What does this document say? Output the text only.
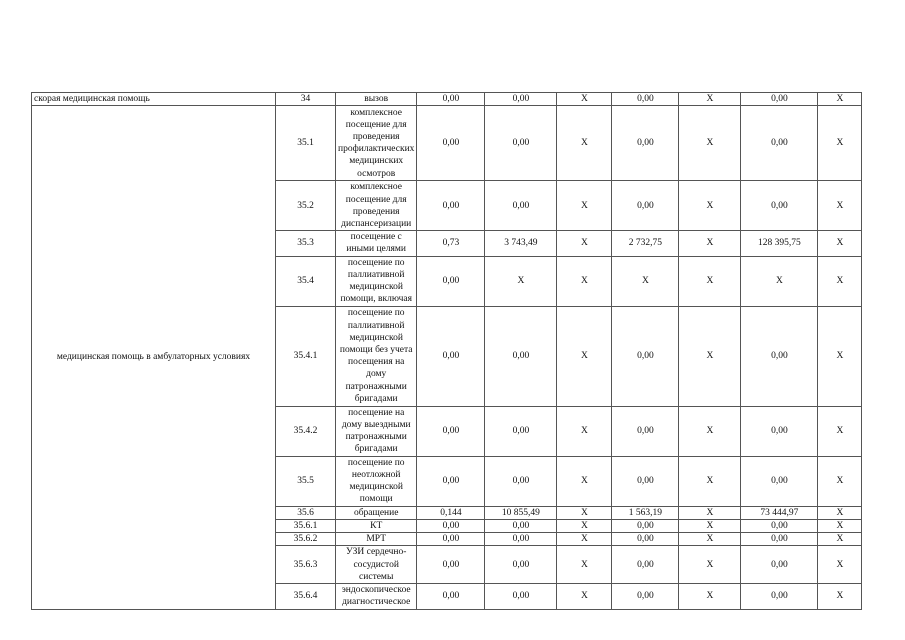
скорая медицинская помощь	34	вызов	0,00	0,00	X	0,00	X	0,00	X
медицинская помощь в амбулаторных условиях	35.1	комплексное посещение для проведения профилактических медицинских осмотров	0,00	0,00	X	0,00	X	0,00	X
	35.2	комплексное посещение для проведения диспансеризации	0,00	0,00	X	0,00	X	0,00	X
	35.3	посещение с иными целями	0,73	3 743,49	X	2 732,75	X	128 395,75	X
	35.4	посещение по паллиативной медицинской помощи, включая	0,00	X	X	X	X	X	X
	35.4.1	посещение по паллиативной медицинской помощи без учета посещения на дому патронажными бригадами	0,00	0,00	X	0,00	X	0,00	X
	35.4.2	посещение на дому выездными патронажными бригадами	0,00	0,00	X	0,00	X	0,00	X
	35.5	посещение по неотложной медицинской помощи	0,00	0,00	X	0,00	X	0,00	X
	35.6	обращение	0,144	10 855,49	X	1 563,19	X	73 444,97	X
	35.6.1	КТ	0,00	0,00	X	0,00	X	0,00	X
	35.6.2	МРТ	0,00	0,00	X	0,00	X	0,00	X
	35.6.3	УЗИ сердечно-сосудистой системы	0,00	0,00	X	0,00	X	0,00	X
	35.6.4	эндоскопическое диагностическое	0,00	0,00	X	0,00	X	0,00	X
